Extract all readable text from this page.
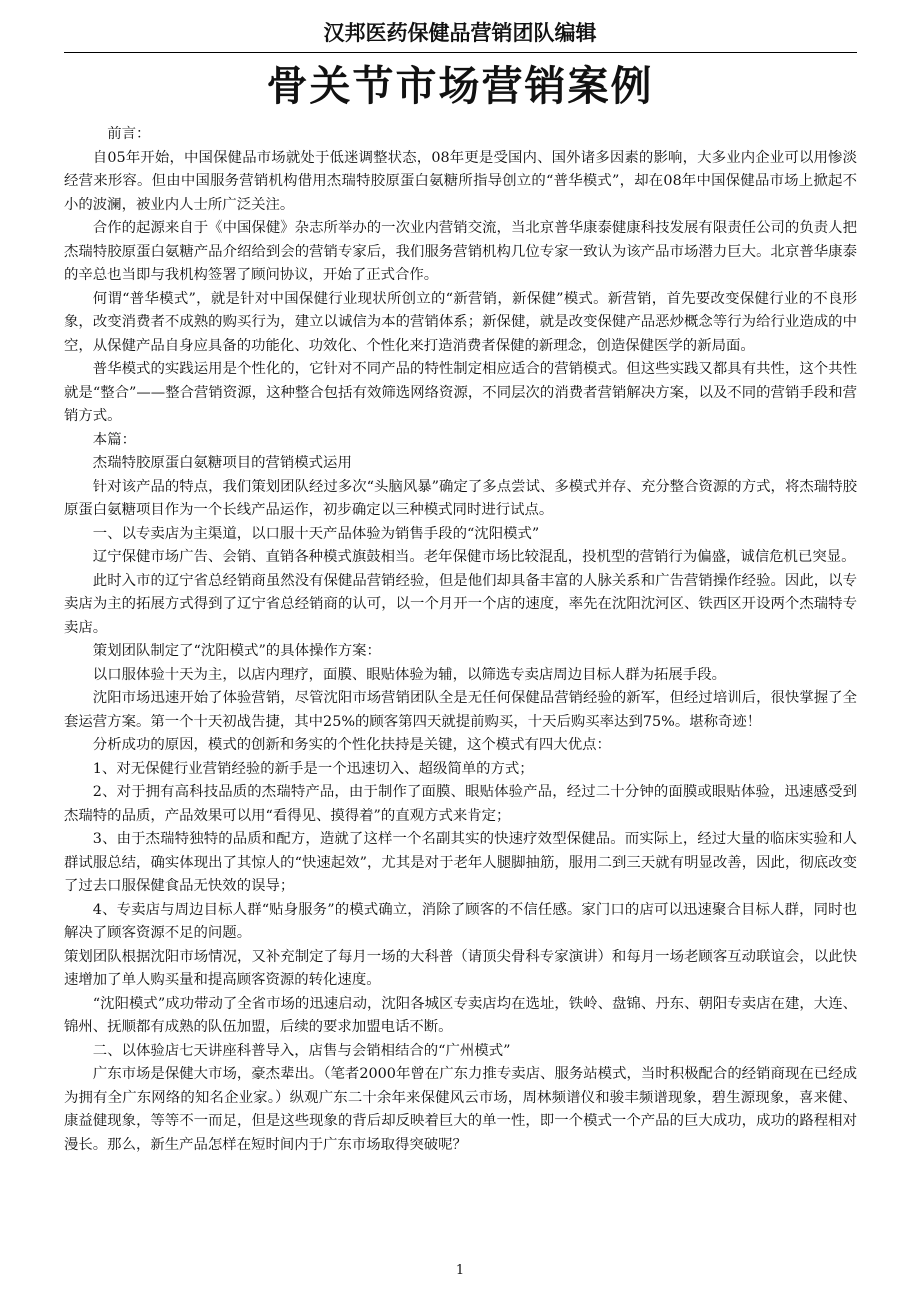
汉邦医药保健品营销团队编辑
骨关节市场营销案例

前言：

自05年开始，中国保健品市场就处于低迷调整状态，08年更是受国内、国外诸多因素的影响，大多业内企业可以用惨淡经营来形容。但由中国服务营销机构借用杰瑞特胶原蛋白氨糖所指导创立的“普华模式”，却在08年中国保健品市场上掀起不小的波澜，被业内人士所广泛关注。

合作的起源来自于《中国保健》杂志所举办的一次业内营销交流，当北京普华康泰健康科技发展有限责任公司的负责人把杰瑞特胶原蛋白氨糖产品介绍给到会的营销专家后，我们服务营销机构几位专家一致认为该产品市场潜力巨大。北京普华康泰的辛总也当即与我机构签署了顾问协议，开始了正式合作。

何谓“普华模式”，就是针对中国保健行业现状所创立的“新营销，新保健”模式。新营销，首先要改变保健行业的不良形象，改变消费者不成熟的购买行为，建立以诚信为本的营销体系；新保健，就是改变保健产品恶炒概念等行为给行业造成的中空，从保健产品自身应具备的功能化、功效化、个性化来打造消费者保健的新理念，创造保健医学的新局面。

普华模式的实践运用是个性化的，它针对不同产品的特性制定相应适合的营销模式。但这些实践又都具有共性，这个共性就是“整合”——整合营销资源，这种整合包括有效筛选网络资源，不同层次的消费者营销解决方案，以及不同的营销手段和营销方式。

本篇：

杰瑞特胶原蛋白氨糖项目的营销模式运用

针对该产品的特点，我们策划团队经过多次“头脑风暴”确定了多点尝试、多模式并存、充分整合资源的方式，将杰瑞特胶原蛋白氨糖项目作为一个长线产品运作，初步确定以三种模式同时进行试点。

一、以专卖店为主渠道，以口服十天产品体验为销售手段的“沈阳模式”

辽宁保健市场广告、会销、直销各种模式旗鼓相当。老年保健市场比较混乱，投机型的营销行为偏盛，诚信危机已突显。

此时入市的辽宁省总经销商虽然没有保健品营销经验，但是他们却具备丰富的人脉关系和广告营销操作经验。因此，以专卖店为主的拓展方式得到了辽宁省总经销商的认可，以一个月开一个店的速度，率先在沈阳沈河区、铁西区开设两个杰瑞特专卖店。

策划团队制定了“沈阳模式”的具体操作方案：

以口服体验十天为主，以店内理疗，面膜、眼贴体验为辅，以筛选专卖店周边目标人群为拓展手段。

沈阳市场迅速开始了体验营销，尽管沈阳市场营销团队全是无任何保健品营销经验的新军，但经过培训后，很快掌握了全套运营方案。第一个十天初战告捷，其中25%的顾客第四天就提前购买，十天后购买率达到75%。堪称奇迹！

分析成功的原因，模式的创新和务实的个性化扶持是关键，这个模式有四大优点：

1、对无保健行业营销经验的新手是一个迅速切入、超级简单的方式；

2、对于拥有高科技品质的杰瑞特产品，由于制作了面膜、眼贴体验产品，经过二十分钟的面膜或眼贴体验，迅速感受到杰瑞特的品质，产品效果可以用“看得见、摸得着”的直观方式来肯定；

3、由于杰瑞特独特的品质和配方，造就了这样一个名副其实的快速疗效型保健品。而实际上，经过大量的临床实验和人群试服总结，确实体现出了其惊人的“快速起效”，尤其是对于老年人腿脚抽筋，服用二到三天就有明显改善，因此，彻底改变了过去口服保健食品无快效的误导；

4、专卖店与周边目标人群“贴身服务”的模式确立，消除了顾客的不信任感。家门口的店可以迅速聚合目标人群，同时也解决了顾客资源不足的问题。

策划团队根据沈阳市场情况，又补充制定了每月一场的大科普（请顶尖骨科专家演讲）和每月一场老顾客互动联谊会，以此快速增加了单人购买量和提高顾客资源的转化速度。

“沈阳模式”成功带动了全省市场的迅速启动，沈阳各城区专卖店均在选址，铁岭、盘锦、丹东、朝阳专卖店在建，大连、锦州、抚顺都有成熟的队伍加盟，后续的要求加盟电话不断。

二、以体验店七天讲座科普导入，店售与会销相结合的“广州模式”

广东市场是保健大市场，豪杰辈出。（笔者2000年曾在广东力推专卖店、服务站模式，当时积极配合的经销商现在已经成为拥有全广东网络的知名企业家。）纵观广东二十余年来保健风云市场，周林频谱仪和骏丰频谱现象，碧生源现象，喜来健、康益健现象，等等不一而足，但是这些现象的背后却反映着巨大的单一性，即一个模式一个产品的巨大成功，成功的路程相对漫长。那么，新生产品怎样在短时间内于广东市场取得突破呢？

1
